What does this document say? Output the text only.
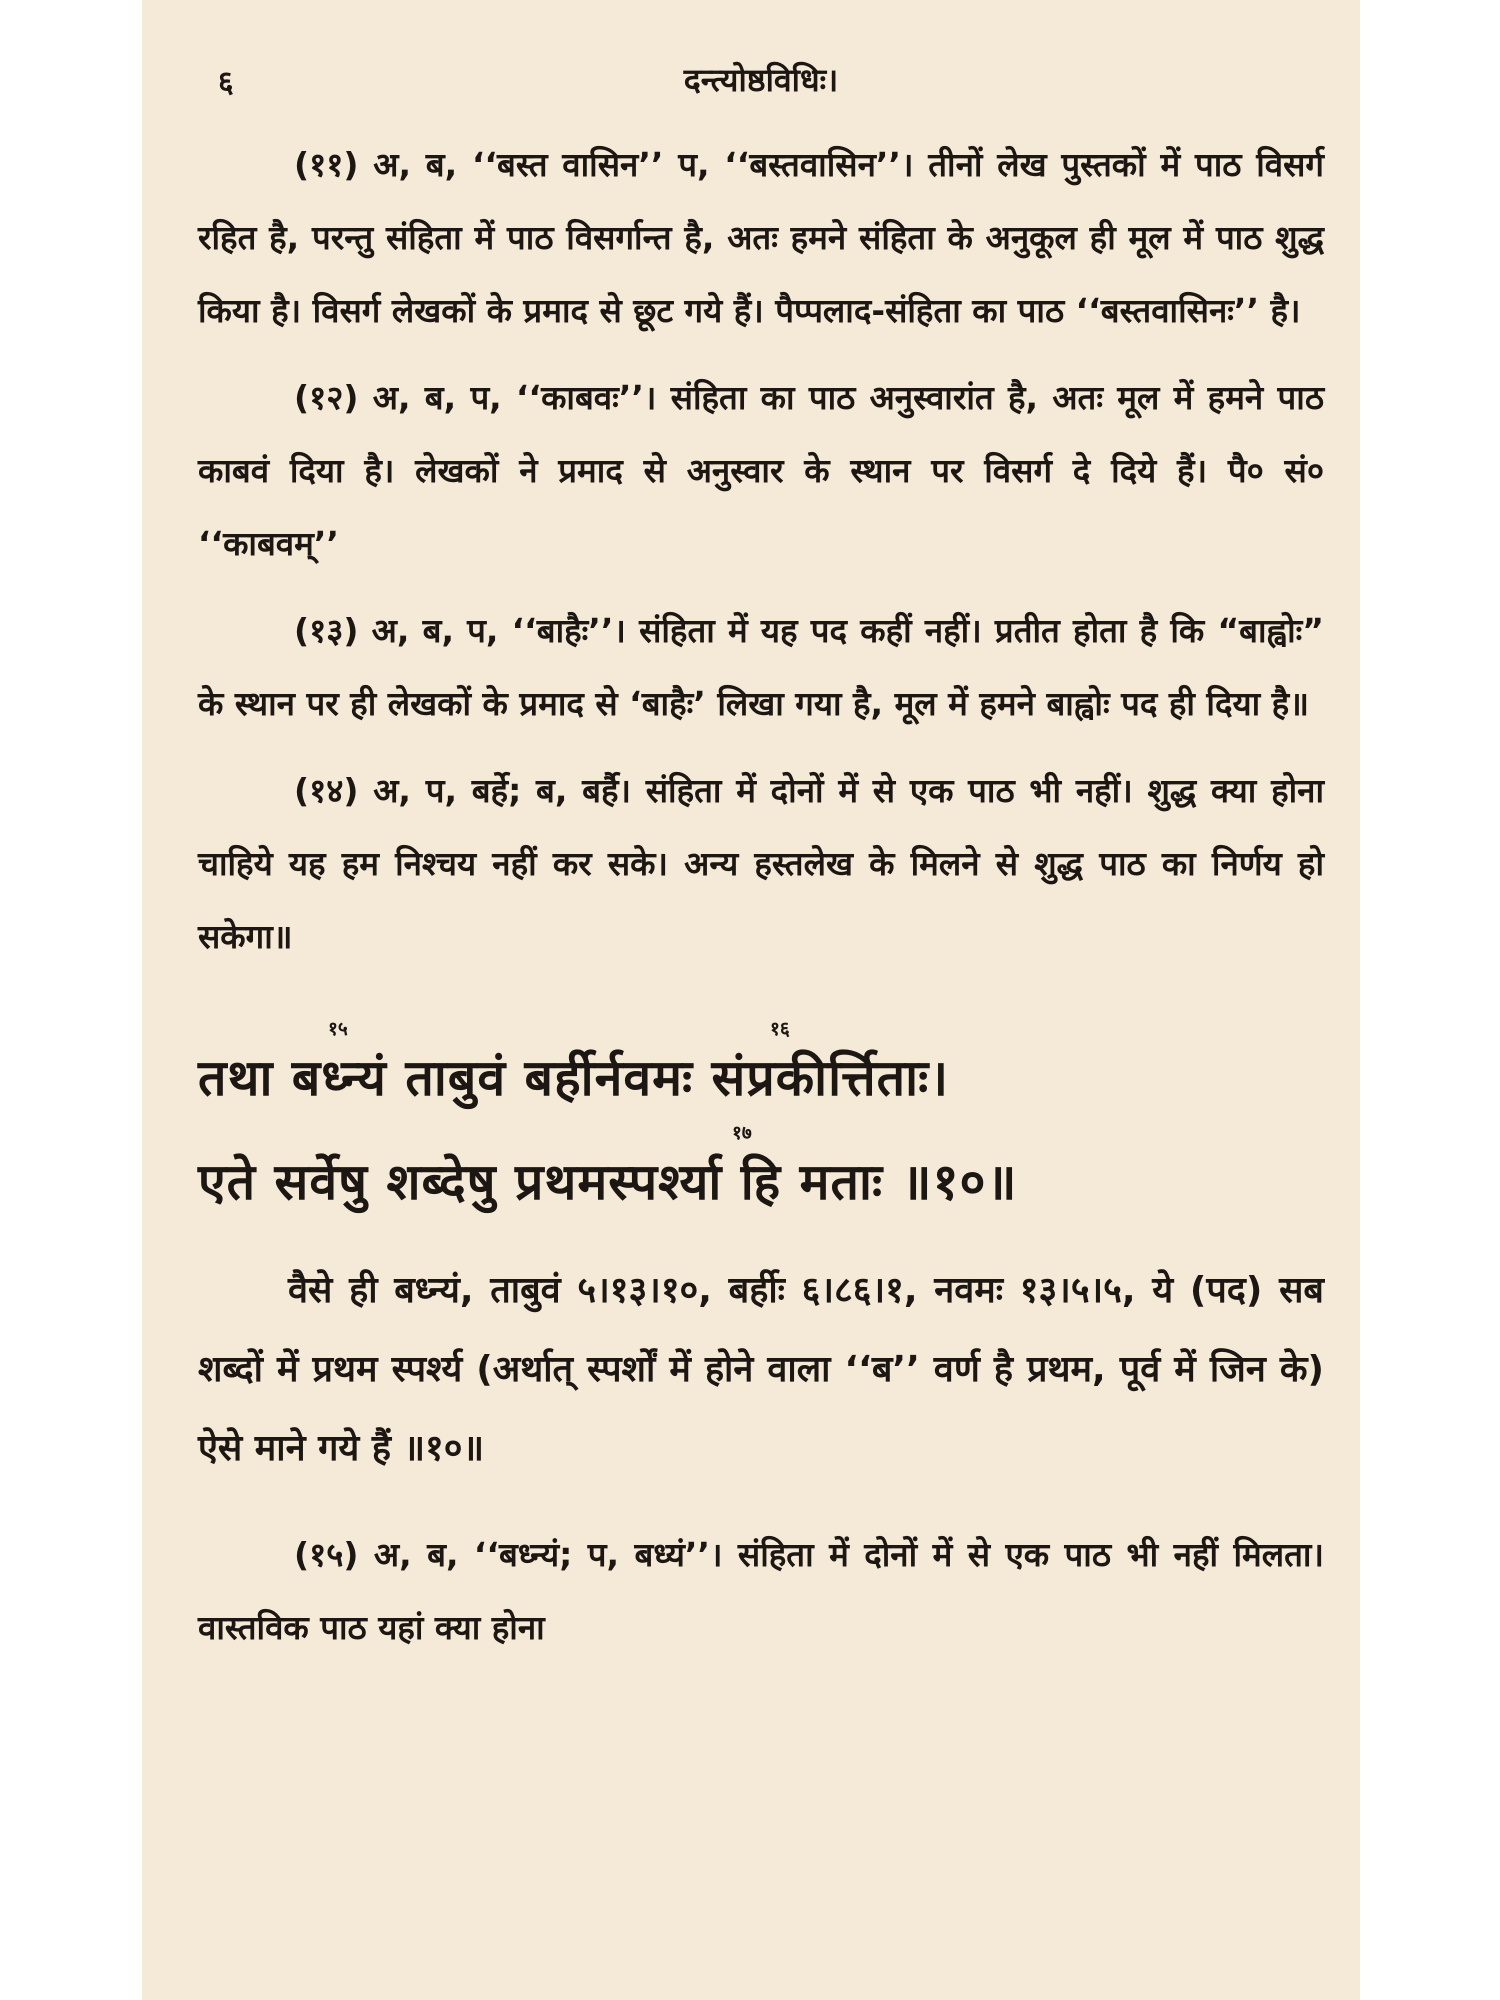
६	दन्त्योष्ठविधिः।

(११) अ, ब, ‘‘बस्त वासिन’’ प, ‘‘बस्तवासिन’’। तीनों लेख पुस्तकों में पाठ विसर्ग रहित है, परन्तु संहिता में पाठ विसर्गान्त है, अतः हमने संहिता के अनुकूल ही मूल में पाठ शुद्ध किया है। विसर्ग लेखकों के प्रमाद से छूट गये हैं। पैप्पलाद-संहिता का पाठ ‘‘बस्तवासिनः’’ है।

(१२) अ, ब, प, ‘‘काबवः’’। संहिता का पाठ अनुस्वारांत है, अतः मूल में हमने पाठ काबवं दिया है। लेखकों ने प्रमाद से अनुस्वार के स्थान पर विसर्ग दे दिये हैं। पै० सं० ‘‘काबवम्’’

(१३) अ, ब, प, ‘‘बाहैः’’। संहिता में यह पद कहीं नहीं। प्रतीत होता है कि “बाह्वोः” के स्थान पर ही लेखकों के प्रमाद से ‘बाहैः’ लिखा गया है, मूल में हमने बाह्वोः पद ही दिया है॥

(१४) अ, प, बर्हे; ब, बर्है। संहिता में दोनों में से एक पाठ भी नहीं। शुद्ध क्या होना चाहिये यह हम निश्चय नहीं कर सके। अन्य हस्तलेख के मिलने से शुद्ध पाठ का निर्णय हो सकेगा॥

१५	१६

तथा बध्न्यं ताबुवं बर्हीर्नवमः संप्रकीर्त्तिताः।

१७

एते सर्वेषु शब्देषु प्रथमस्पर्श्या हि मताः ॥१०॥

वैसे ही बध्न्यं, ताबुवं ५।१३।१०, बर्हीः ६।८६।१, नवमः १३।५।५, ये (पद) सब शब्दों में प्रथम स्पर्श्य (अर्थात् स्पर्शों में होने वाला ‘‘ब’’ वर्ण है प्रथम, पूर्व में जिन के) ऐसे माने गये हैं ॥१०॥

(१५) अ, ब, ‘‘बध्न्यं; प, बध्यं’’। संहिता में दोनों में से एक पाठ भी नहीं मिलता। वास्तविक पाठ यहां क्या होना
